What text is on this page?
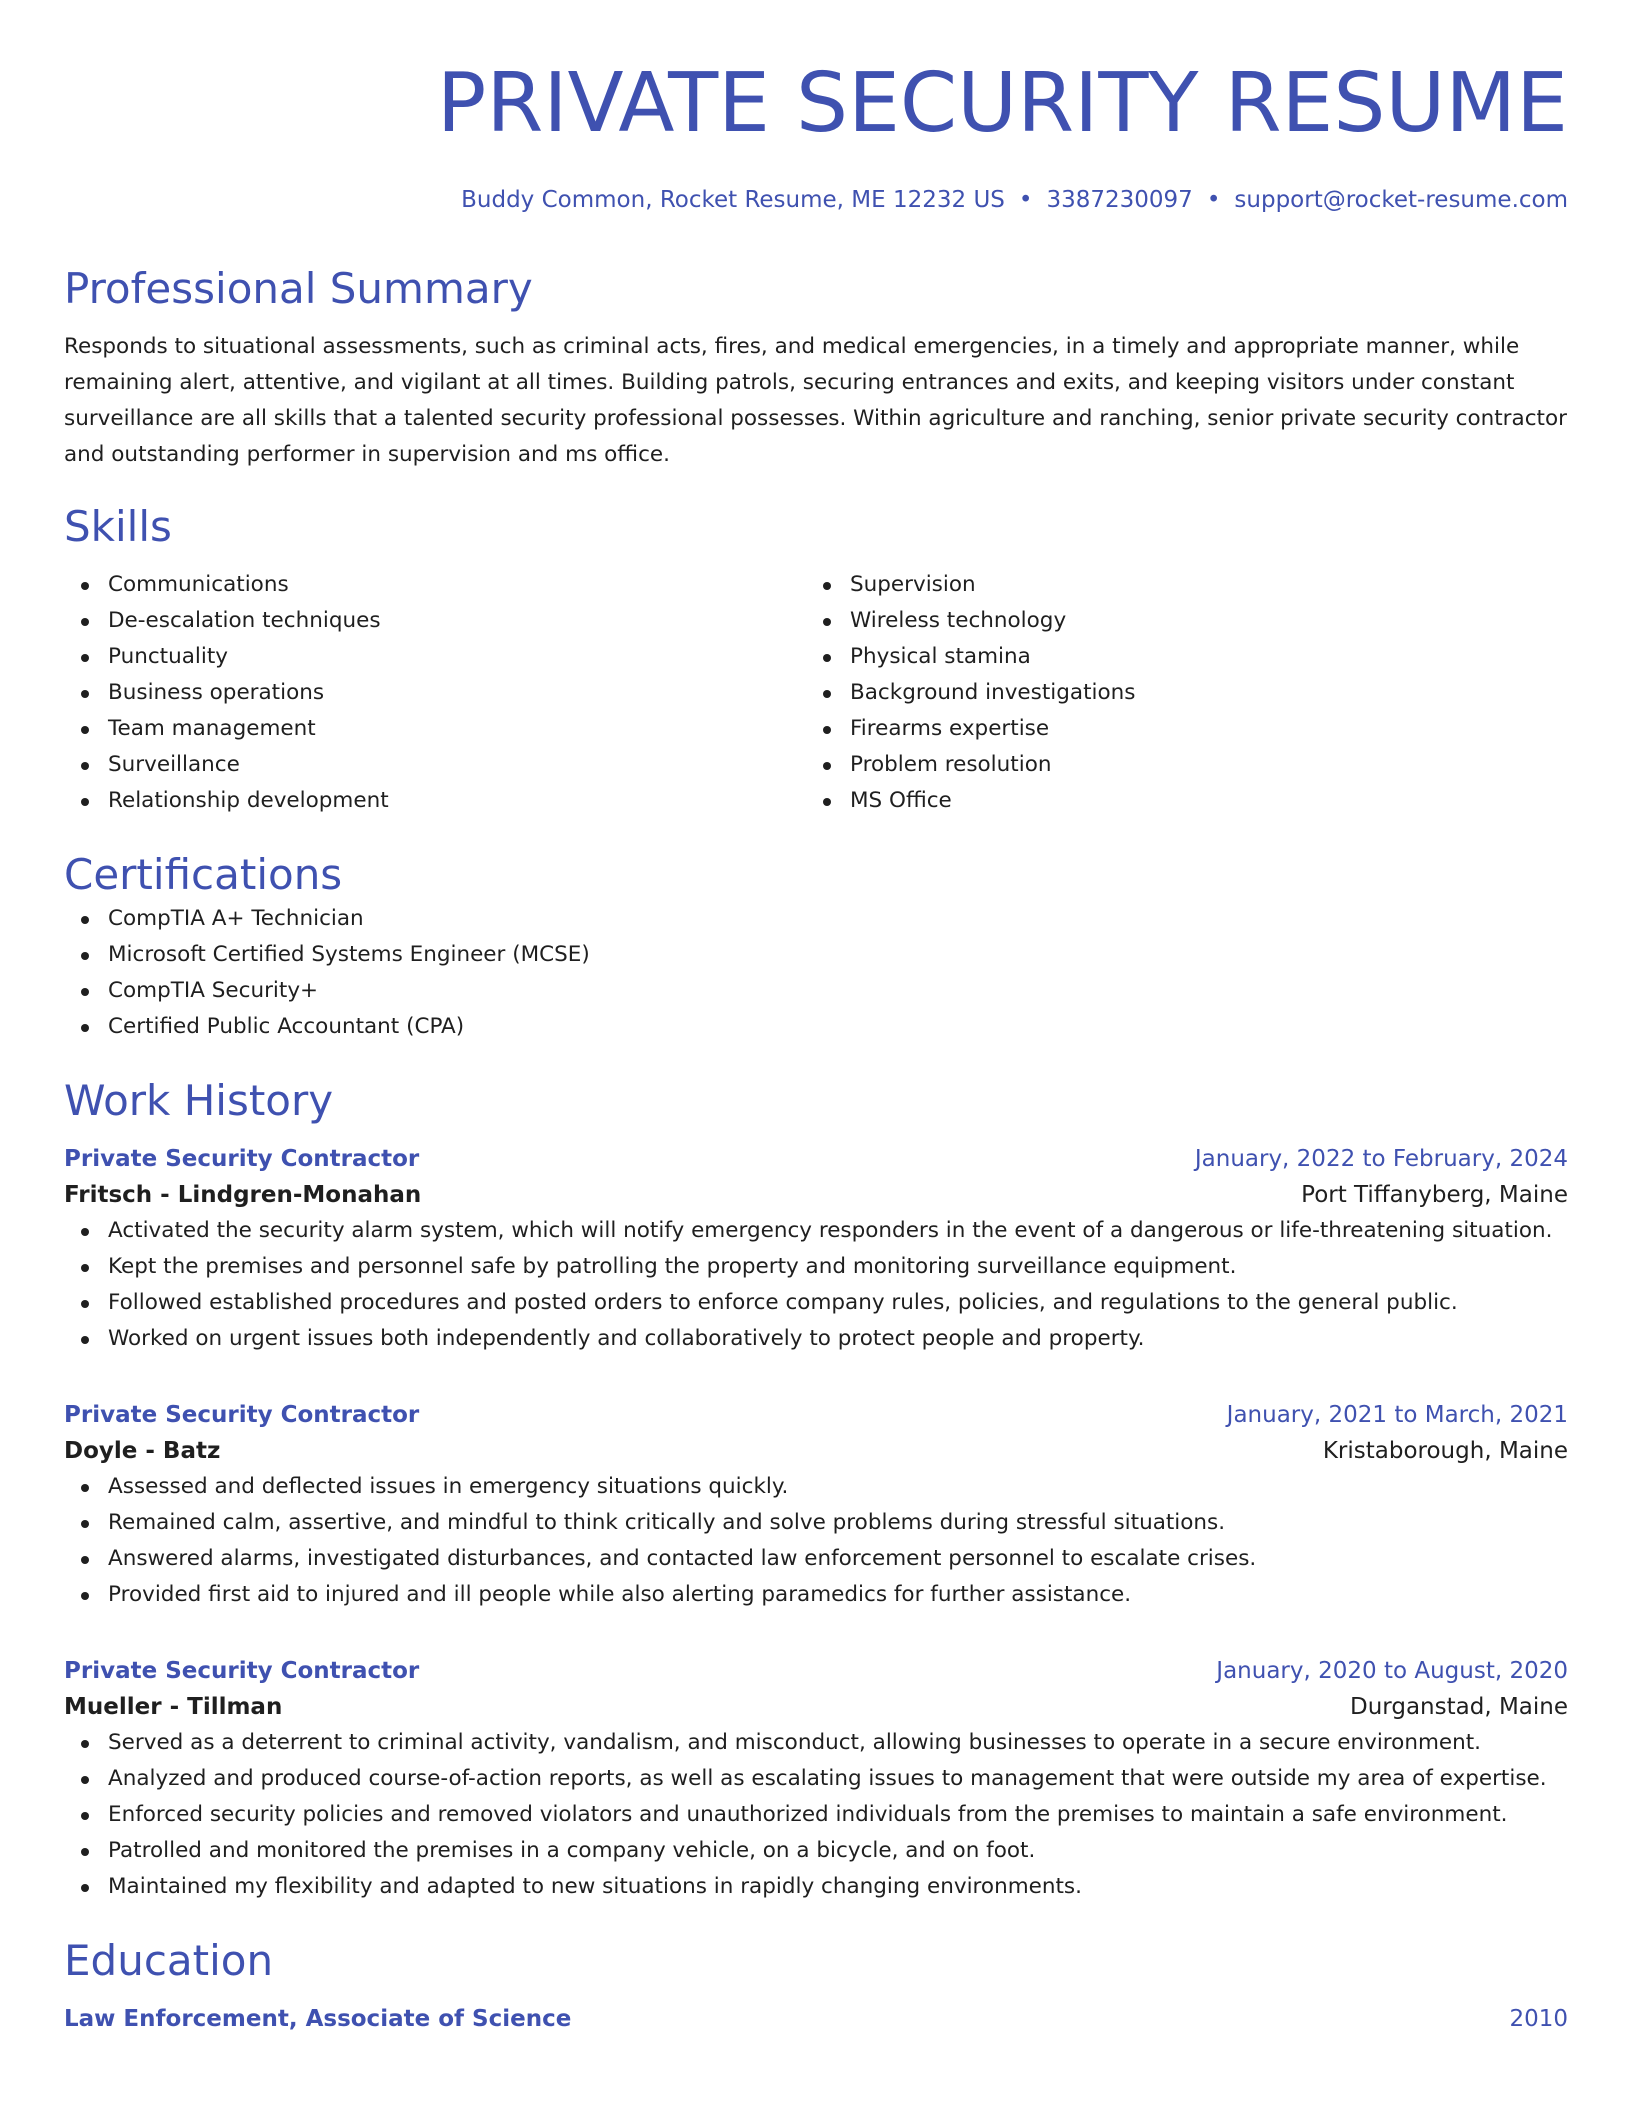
PRIVATE SECURITY RESUME
Buddy Common, Rocket Resume, ME 12232 US • 3387230097 • support@rocket-resume.com
Professional Summary
Responds to situational assessments, such as criminal acts, fires, and medical emergencies, in a timely and appropriate manner, while remaining alert, attentive, and vigilant at all times. Building patrols, securing entrances and exits, and keeping visitors under constant surveillance are all skills that a talented security professional possesses. Within agriculture and ranching, senior private security contractor and outstanding performer in supervision and ms office.
Skills
Communications
De-escalation techniques
Punctuality
Business operations
Team management
Surveillance
Relationship development
Supervision
Wireless technology
Physical stamina
Background investigations
Firearms expertise
Problem resolution
MS Office
Certifications
CompTIA A+ Technician
Microsoft Certified Systems Engineer (MCSE)
CompTIA Security+
Certified Public Accountant (CPA)
Work History
Private Security Contractor	January, 2022 to February, 2024
Fritsch - Lindgren-Monahan	Port Tiffanyberg, Maine
Activated the security alarm system, which will notify emergency responders in the event of a dangerous or life-threatening situation.
Kept the premises and personnel safe by patrolling the property and monitoring surveillance equipment.
Followed established procedures and posted orders to enforce company rules, policies, and regulations to the general public.
Worked on urgent issues both independently and collaboratively to protect people and property.
Private Security Contractor	January, 2021 to March, 2021
Doyle - Batz	Kristaborough, Maine
Assessed and deflected issues in emergency situations quickly.
Remained calm, assertive, and mindful to think critically and solve problems during stressful situations.
Answered alarms, investigated disturbances, and contacted law enforcement personnel to escalate crises.
Provided first aid to injured and ill people while also alerting paramedics for further assistance.
Private Security Contractor	January, 2020 to August, 2020
Mueller - Tillman	Durganstad, Maine
Served as a deterrent to criminal activity, vandalism, and misconduct, allowing businesses to operate in a secure environment.
Analyzed and produced course-of-action reports, as well as escalating issues to management that were outside my area of expertise.
Enforced security policies and removed violators and unauthorized individuals from the premises to maintain a safe environment.
Patrolled and monitored the premises in a company vehicle, on a bicycle, and on foot.
Maintained my flexibility and adapted to new situations in rapidly changing environments.
Education
Law Enforcement, Associate of Science	2010
